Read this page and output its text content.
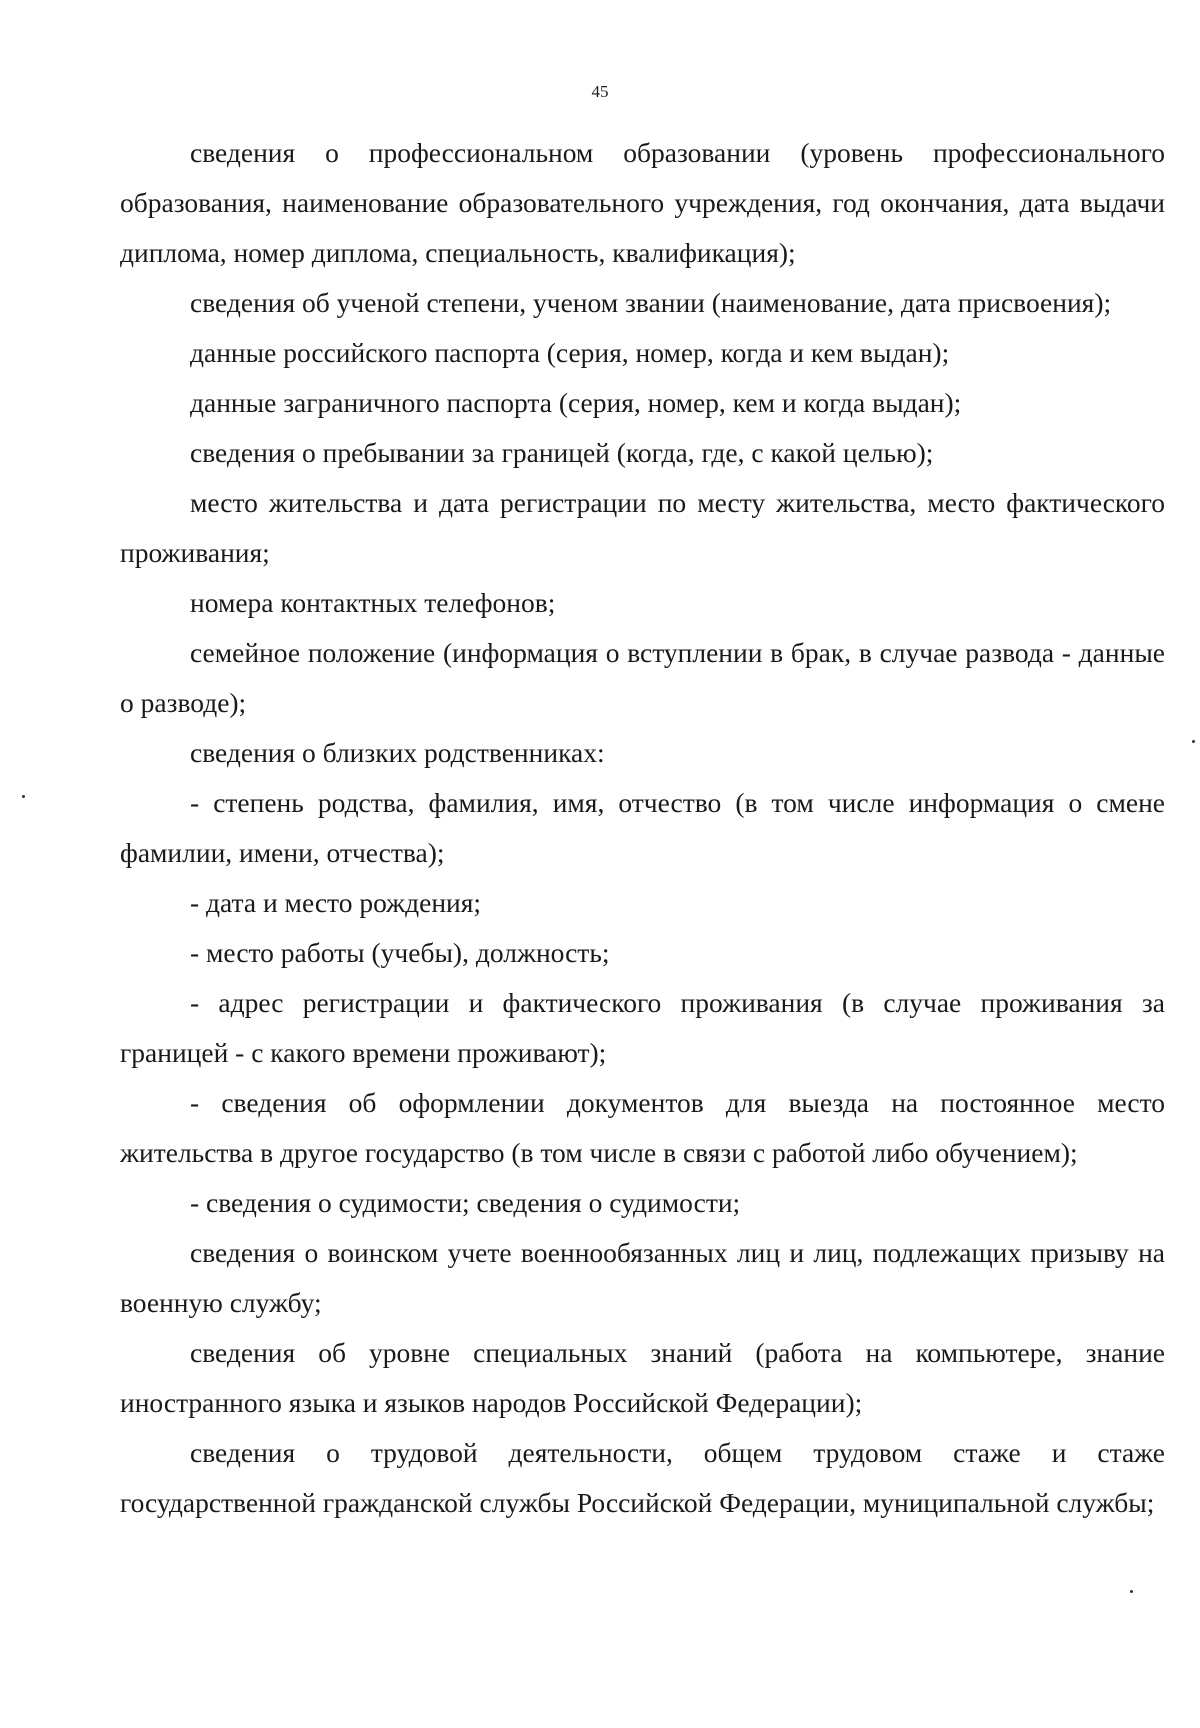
45

сведения о профессиональном образовании (уровень профессионального образования, наименование образовательного учреждения, год окончания, дата выдачи диплома, номер диплома, специальность, квалификация);

сведения об ученой степени, ученом звании (наименование, дата присвоения);

данные российского паспорта (серия, номер, когда и кем выдан);

данные заграничного паспорта (серия, номер, кем и когда выдан);

сведения о пребывании за границей (когда, где, с какой целью);

место жительства и дата регистрации по месту жительства, место фактического проживания;

номера контактных телефонов;

семейное положение (информация о вступлении в брак, в случае развода - данные о разводе);

сведения о близких родственниках:

- степень родства, фамилия, имя, отчество (в том числе информация о смене фамилии, имени, отчества);

- дата и место рождения;

- место работы (учебы), должность;

- адрес регистрации и фактического проживания (в случае проживания за границей - с какого времени проживают);

- сведения об оформлении документов для выезда на постоянное место жительства в другое государство (в том числе в связи с работой либо обучением);

- сведения о судимости; сведения о судимости;

сведения о воинском учете военнообязанных лиц и лиц, подлежащих призыву на военную службу;

сведения об уровне специальных знаний (работа на компьютере, знание иностранного языка и языков народов Российской Федерации);

сведения о трудовой деятельности, общем трудовом стаже и стаже государственной гражданской службы Российской Федерации, муниципальной службы;
